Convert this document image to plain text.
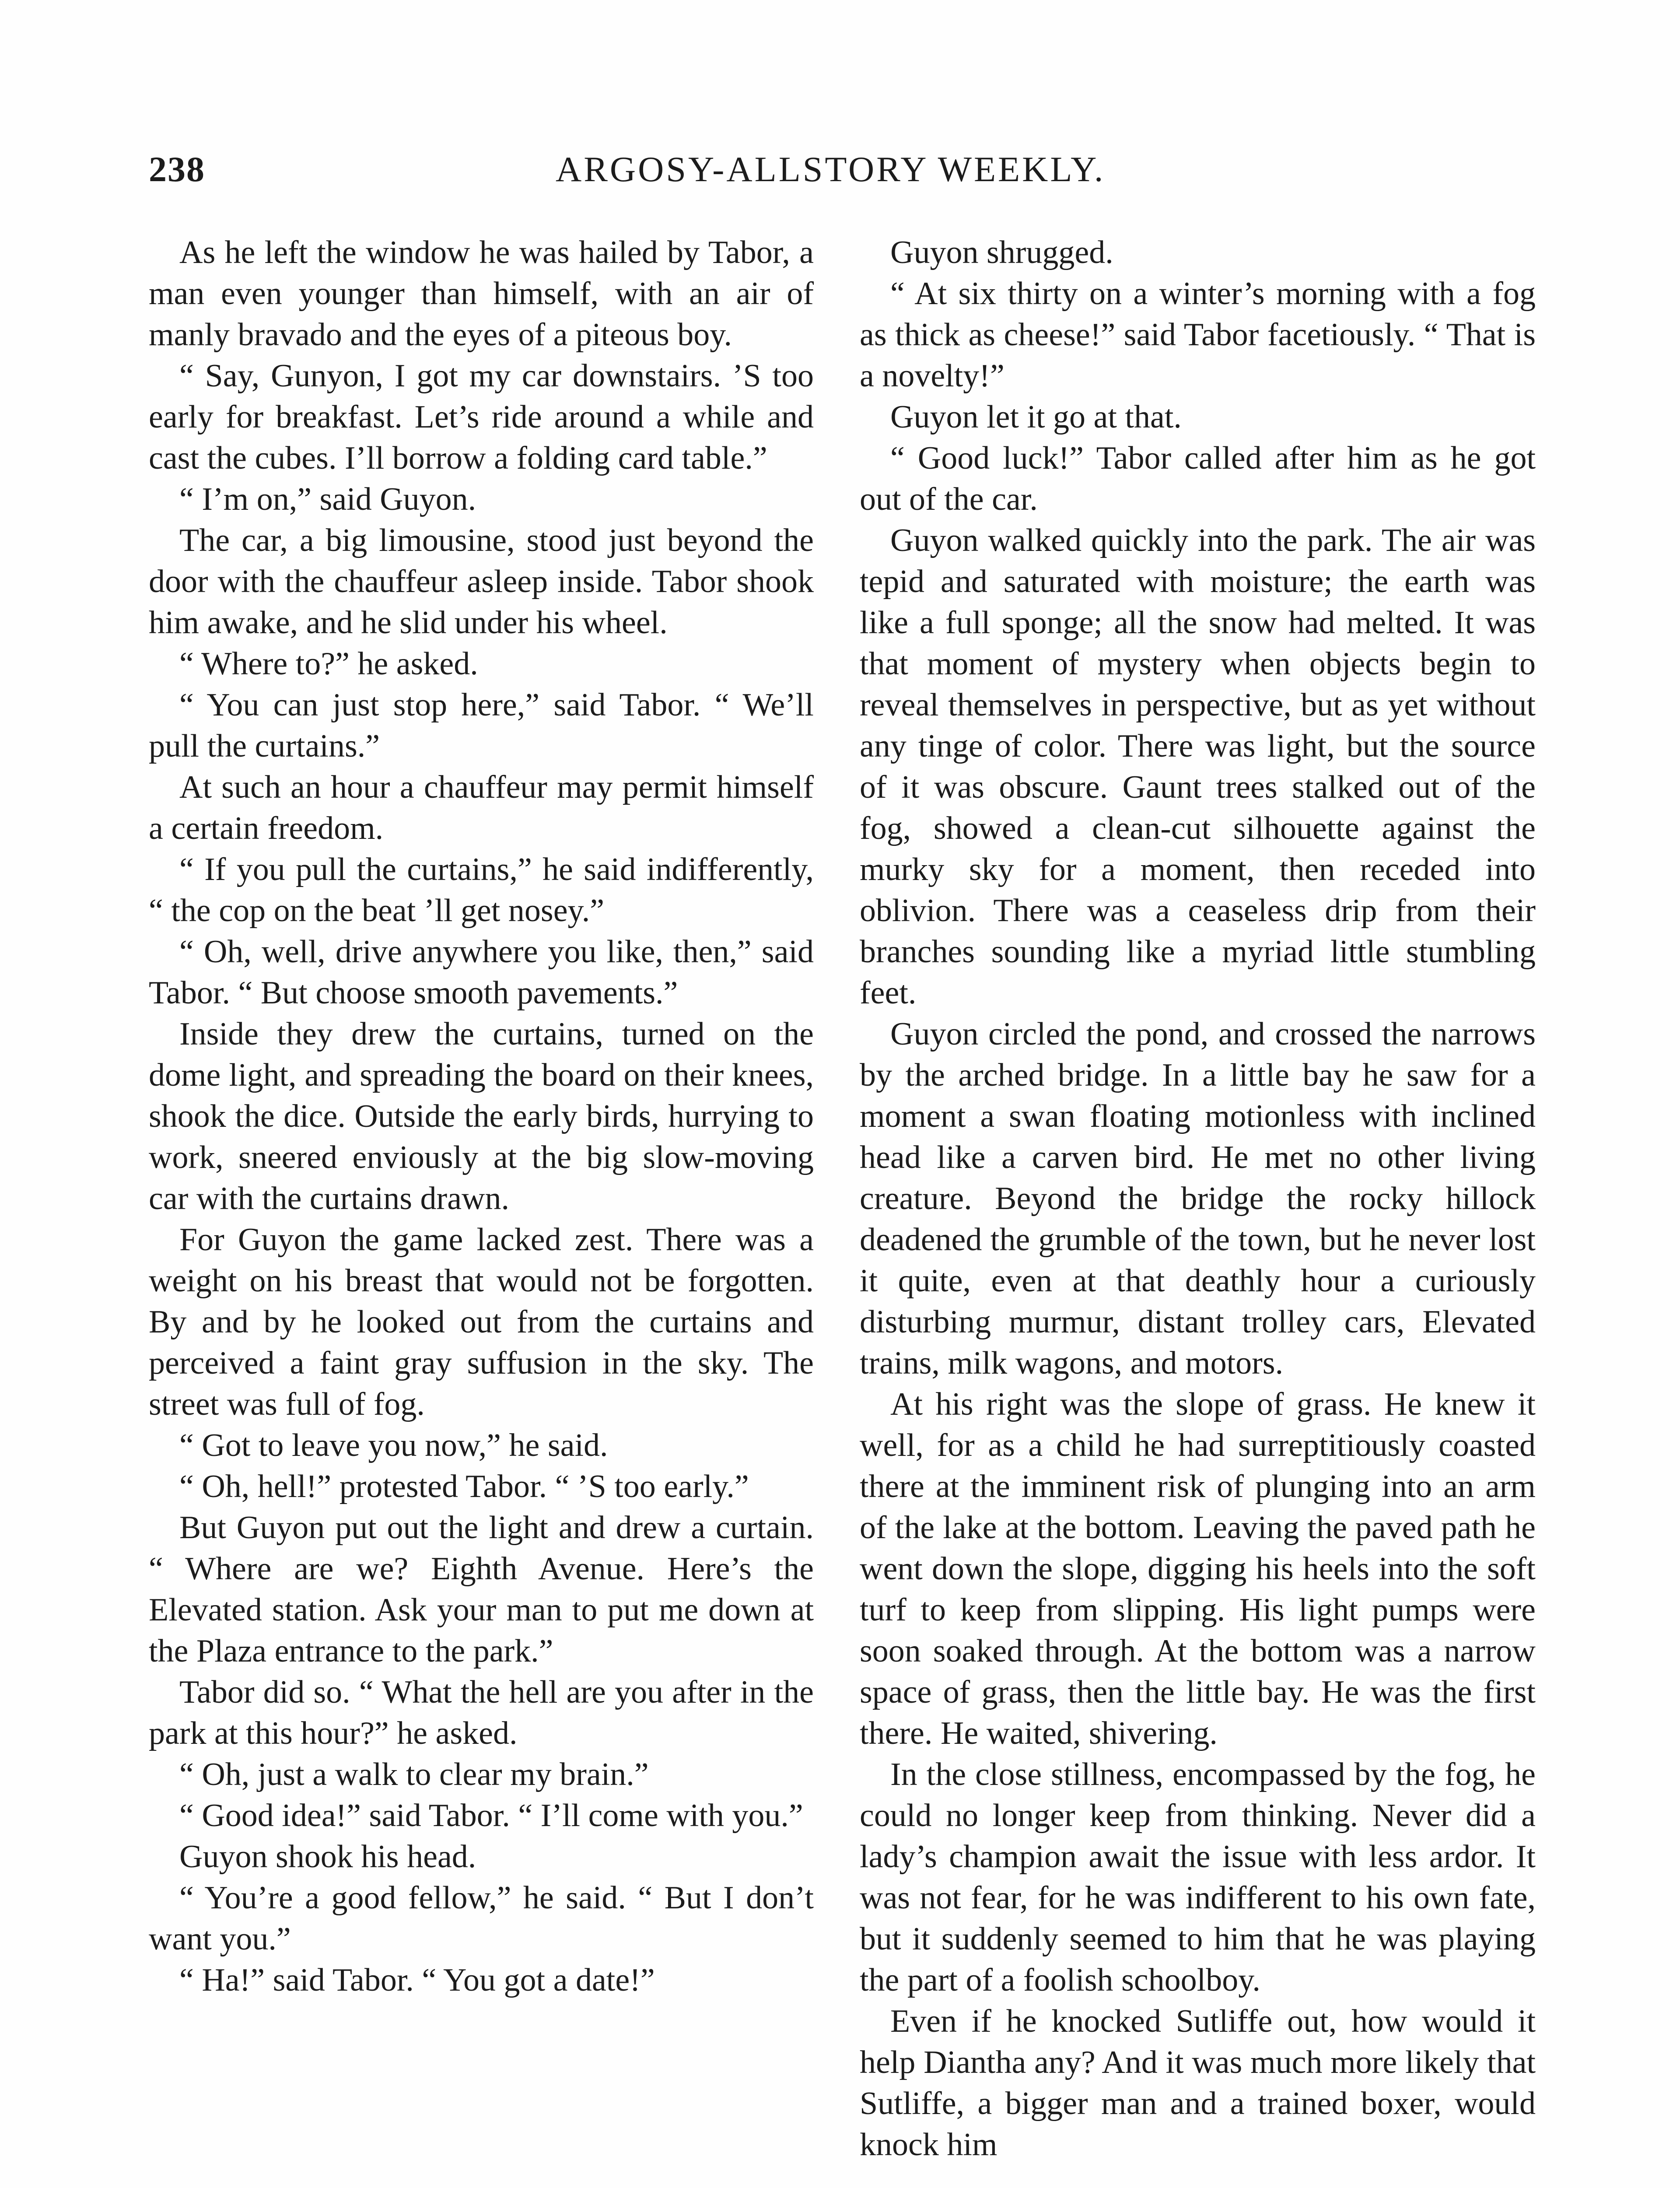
238	ARGOSY-ALLSTORY WEEKLY.

As he left the window he was hailed by Tabor, a man even younger than himself, with an air of manly bravado and the eyes of a piteous boy.

“ Say, Gunyon, I got my car downstairs. ’S too early for breakfast. Let’s ride around a while and cast the cubes. I’ll borrow a folding card table.”

“ I’m on,” said Guyon.

The car, a big limousine, stood just beyond the door with the chauffeur asleep inside. Tabor shook him awake, and he slid under his wheel.

“ Where to?” he asked.

“ You can just stop here,” said Tabor. “ We’ll pull the curtains.”

At such an hour a chauffeur may permit himself a certain freedom.

“ If you pull the curtains,” he said indifferently, “ the cop on the beat ’ll get nosey.”

“ Oh, well, drive anywhere you like, then,” said Tabor. “ But choose smooth pavements.”

Inside they drew the curtains, turned on the dome light, and spreading the board on their knees, shook the dice. Outside the early birds, hurrying to work, sneered enviously at the big slow-moving car with the curtains drawn.

For Guyon the game lacked zest. There was a weight on his breast that would not be forgotten. By and by he looked out from the curtains and perceived a faint gray suffusion in the sky. The street was full of fog.

“ Got to leave you now,” he said.

“ Oh, hell!” protested Tabor. “ ’S too early.”

But Guyon put out the light and drew a curtain. “ Where are we? Eighth Avenue. Here’s the Elevated station. Ask your man to put me down at the Plaza entrance to the park.”

Tabor did so. “ What the hell are you after in the park at this hour?” he asked.

“ Oh, just a walk to clear my brain.”

“ Good idea!” said Tabor. “ I’ll come with you.”

Guyon shook his head.

“ You’re a good fellow,” he said. “ But I don’t want you.”

“ Ha!” said Tabor. “ You got a date!”

Guyon shrugged.

“ At six thirty on a winter’s morning with a fog as thick as cheese!” said Tabor facetiously. “ That is a novelty!”

Guyon let it go at that.

“ Good luck!” Tabor called after him as he got out of the car.

Guyon walked quickly into the park. The air was tepid and saturated with moisture; the earth was like a full sponge; all the snow had melted. It was that moment of mystery when objects begin to reveal themselves in perspective, but as yet without any tinge of color. There was light, but the source of it was obscure. Gaunt trees stalked out of the fog, showed a clean-cut silhouette against the murky sky for a moment, then receded into oblivion. There was a ceaseless drip from their branches sounding like a myriad little stumbling feet.

Guyon circled the pond, and crossed the narrows by the arched bridge. In a little bay he saw for a moment a swan floating motionless with inclined head like a carven bird. He met no other living creature. Beyond the bridge the rocky hillock deadened the grumble of the town, but he never lost it quite, even at that deathly hour a curiously disturbing murmur, distant trolley cars, Elevated trains, milk wagons, and motors.

At his right was the slope of grass. He knew it well, for as a child he had surreptitiously coasted there at the imminent risk of plunging into an arm of the lake at the bottom. Leaving the paved path he went down the slope, digging his heels into the soft turf to keep from slipping. His light pumps were soon soaked through. At the bottom was a narrow space of grass, then the little bay. He was the first there. He waited, shivering.

In the close stillness, encompassed by the fog, he could no longer keep from thinking. Never did a lady’s champion await the issue with less ardor. It was not fear, for he was indifferent to his own fate, but it suddenly seemed to him that he was playing the part of a foolish schoolboy.

Even if he knocked Sutliffe out, how would it help Diantha any? And it was much more likely that Sutliffe, a bigger man and a trained boxer, would knock him
